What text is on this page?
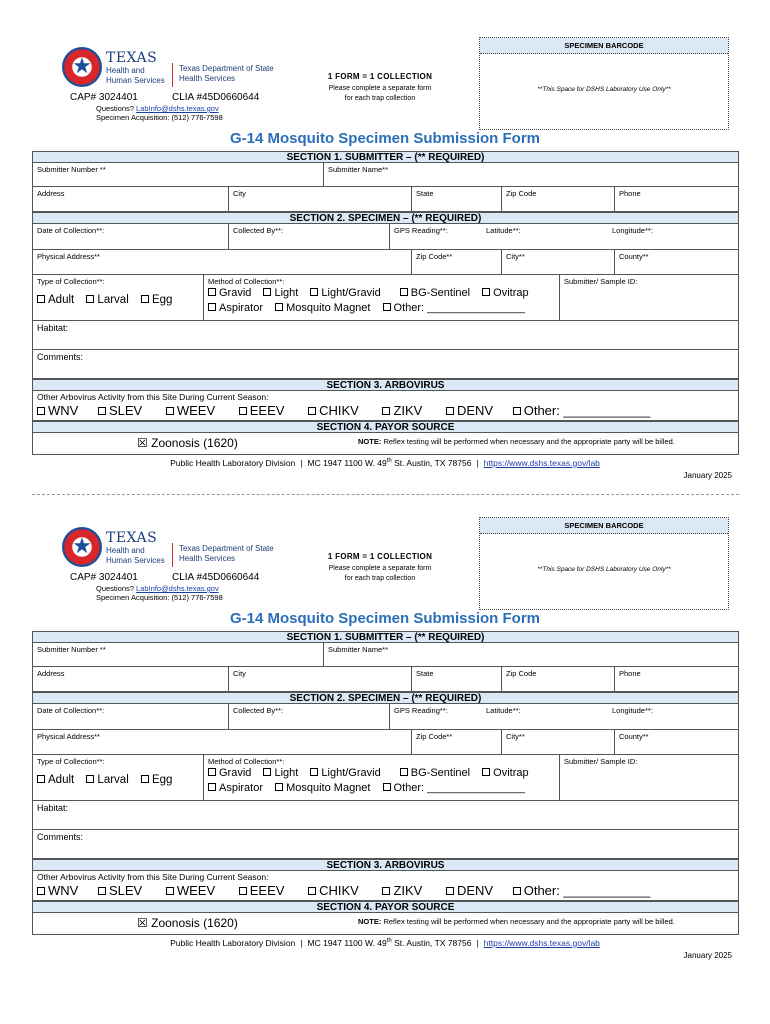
★	TEXAS
Health and Human Services
Texas Department of State Health Services
CAP# 3024401	CLIA #45D0660644
Questions? LabInfo@dshs.texas.gov
Specimen Acquisition: (512) 776-7598
1 FORM = 1 COLLECTION
Please complete a separate form
for each trap collection
SPECIMEN BARCODE
**This Space for DSHS Laboratory Use Only**
G-14 Mosquito Specimen Submission Form
SECTION 1. SUBMITTER – (** REQUIRED)
Submitter Number **	Submitter Name**
Address	City	State	Zip Code	Phone
SECTION 2. SPECIMEN – (** REQUIRED)
Date of Collection**:	Collected By**:	GPS Reading**:	Latitude**:	Longitude**:
Physical Address**	Zip Code**	City**	County**
Type of Collection**:
Adult Larval Egg
Method of Collection**:
Gravid Light Light/Gravid	BG-Sentinel Ovitrap
Aspirator Mosquito Magnet Other: ________________
Submitter/ Sample ID:
Habitat:
Comments:
SECTION 3. ARBOVIRUS
Other Arbovirus Activity from this Site During Current Season:
WNV SLEV	WEEV	EEEV	CHIKV	ZIKV	DENV Other: ____________
SECTION 4. PAYOR SOURCE
☒ Zoonosis (1620)	NOTE: Reflex testing will be performed when necessary and the appropriate party will be billed.
Public Health Laboratory Division | MC 1947 1100 W. 49th St. Austin, TX 78756 | https://www.dshs.texas.gov/lab
January 2025
★	TEXAS
Health and Human Services
Texas Department of State Health Services
CAP# 3024401	CLIA #45D0660644
Questions? LabInfo@dshs.texas.gov
Specimen Acquisition: (512) 776-7598
1 FORM = 1 COLLECTION
Please complete a separate form
for each trap collection
SPECIMEN BARCODE
**This Space for DSHS Laboratory Use Only**
G-14 Mosquito Specimen Submission Form
SECTION 1. SUBMITTER – (** REQUIRED)
Submitter Number **	Submitter Name**
Address	City	State	Zip Code	Phone
SECTION 2. SPECIMEN – (** REQUIRED)
Date of Collection**:	Collected By**:	GPS Reading**:	Latitude**:	Longitude**:
Physical Address**	Zip Code**	City**	County**
Type of Collection**:
Adult Larval Egg
Method of Collection**:
Gravid Light Light/Gravid	BG-Sentinel Ovitrap
Aspirator Mosquito Magnet Other: ________________
Submitter/ Sample ID:
Habitat:
Comments:
SECTION 3. ARBOVIRUS
Other Arbovirus Activity from this Site During Current Season:
WNV SLEV	WEEV	EEEV	CHIKV	ZIKV	DENV Other: ____________
SECTION 4. PAYOR SOURCE
☒ Zoonosis (1620)	NOTE: Reflex testing will be performed when necessary and the appropriate party will be billed.
Public Health Laboratory Division | MC 1947 1100 W. 49th St. Austin, TX 78756 | https://www.dshs.texas.gov/lab
January 2025
